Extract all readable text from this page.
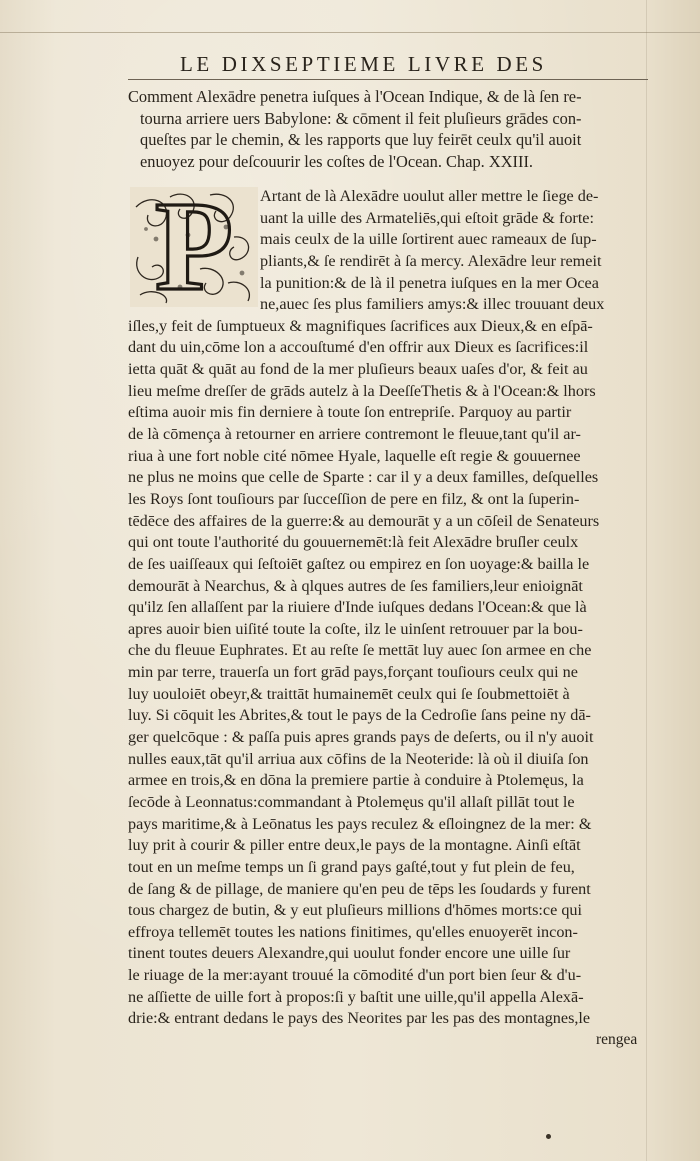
LE DIXSEPTIEME LIVRE DES
Comment Alexādre penetra iuſques à l'Ocean Indique, & de là ſen re-
tourna arriere uers Babylone: & cōment il feit pluſieurs grādes con-
queſtes par le chemin, & les rapports que luy feirēt ceulx qu'il auoit
enuoyez pour deſcouurir les coſtes de l'Ocean. Chap. XXIII.
P	Artant de là Alexādre uoulut aller mettre le ſiege de-
uant la uille des Armateliēs,qui eſtoit grāde & forte:
mais ceulx de la uille ſortirent auec rameaux de ſup-
pliants,& ſe rendirēt à ſa mercy. Alexādre leur remeit
la punition:& de là il penetra iuſques en la mer Ocea
ne,auec ſes plus familiers amys:& illec trouuant deux
iſles,y feit de ſumptueux & magnifiques ſacrifices aux Dieux,& en eſpā-
dant du uin,cōme lon a accouſtumé d'en offrir aux Dieux es ſacrifices:il
ietta quāt & quāt au fond de la mer pluſieurs beaux uaſes d'or, & feit au
lieu meſme dreſſer de grāds autelz à la DeeſſeThetis & à l'Ocean:& lhors
eſtima auoir mis fin derniere à toute ſon entrepriſe. Parquoy au partir
de là cōmença à retourner en arriere contremont le fleuue,tant qu'il ar-
riua à une fort noble cité nōmee Hyale, laquelle eſt regie & gouuernee
ne plus ne moins que celle de Sparte : car il y a deux familles, deſquelles
les Roys ſont touſiours par ſucceſſion de pere en filz, & ont la ſuperin-
tēdēce des affaires de la guerre:& au demourāt y a un cōſeil de Senateurs
qui ont toute l'authorité du gouuernemēt:là feit Alexādre bruſler ceulx
de ſes uaiſſeaux qui ſeſtoiēt gaſtez ou empirez en ſon uoyage:& bailla le
demourāt à Nearchus, & à qlques autres de ſes familiers,leur enioignāt
qu'ilz ſen allaſſent par la riuiere d'Inde iuſques dedans l'Ocean:& que là
apres auoir bien uiſité toute la coſte, ilz le uinſent retrouuer par la bou-
che du fleuue Euphrates. Et au reſte ſe mettāt luy auec ſon armee en che
min par terre, trauerſa un fort grād pays,forçant touſiours ceulx qui ne
luy uouloiēt obeyr,& traittāt humainemēt ceulx qui ſe ſoubmettoiēt à
luy. Si cōquit les Abrites,& tout le pays de la Cedroſie ſans peine ny dā-
ger quelcōque : & paſſa puis apres grands pays de deſerts, ou il n'y auoit
nulles eaux,tāt qu'il arriua aux cōfins de la Neoteride: là où il diuiſa ſon
armee en trois,& en dōna la premiere partie à conduire à Ptolemęus, la
ſecōde à Leonnatus:commandant à Ptolemęus qu'il allaſt pillāt tout le
pays maritime,& à Leōnatus les pays reculez & eſloingnez de la mer: &
luy prit à courir & piller entre deux,le pays de la montagne. Ainſi eſtāt
tout en un meſme temps un ſi grand pays gaſté,tout y fut plein de feu,
de ſang & de pillage, de maniere qu'en peu de tēps les ſoudards y furent
tous chargez de butin, & y eut pluſieurs millions d'hōmes morts:ce qui
effroya tellemēt toutes les nations finitimes, qu'elles enuoyerēt incon-
tinent toutes deuers Alexandre,qui uoulut fonder encore une uille ſur
le riuage de la mer:ayant trouué la cōmodité d'un port bien ſeur & d'u-
ne aſſiette de uille fort à propos:ſi y baſtit une uille,qu'il appella Alexā-
drie:& entrant dedans le pays des Neorites par les pas des montagnes,le
rengea
